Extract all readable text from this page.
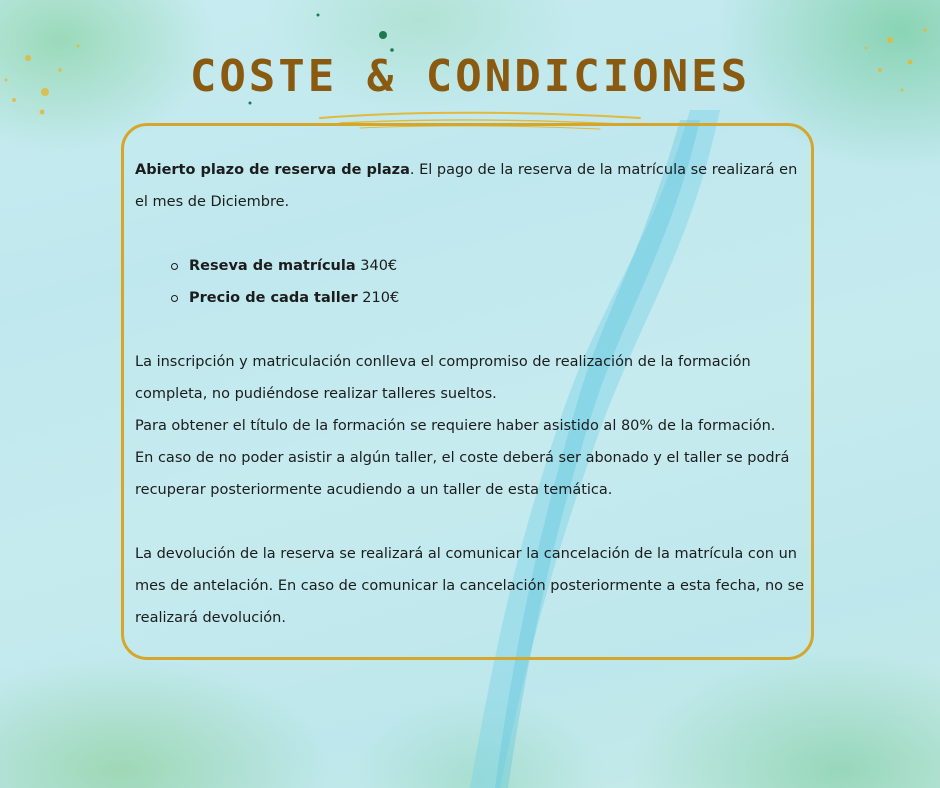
COSTE & CONDICIONES

Abierto plazo de reserva de plaza. El pago de la reserva de la matrícula se realizará en el mes de Diciembre.

Reseva de matrícula 340€
Precio de cada taller 210€

La inscripción y matriculación conlleva el compromiso de realización de la formación completa, no pudiéndose realizar talleres sueltos.

Para obtener el título de la formación se requiere haber asistido al 80% de la formación.

En caso de no poder asistir a algún taller, el coste deberá ser abonado y el taller se podrá recuperar posteriormente acudiendo a un taller de esta temática.

La devolución de la reserva se realizará al comunicar la cancelación de la matrícula con un mes de antelación. En caso de comunicar la cancelación posteriormente a esta fecha, no se realizará devolución.
